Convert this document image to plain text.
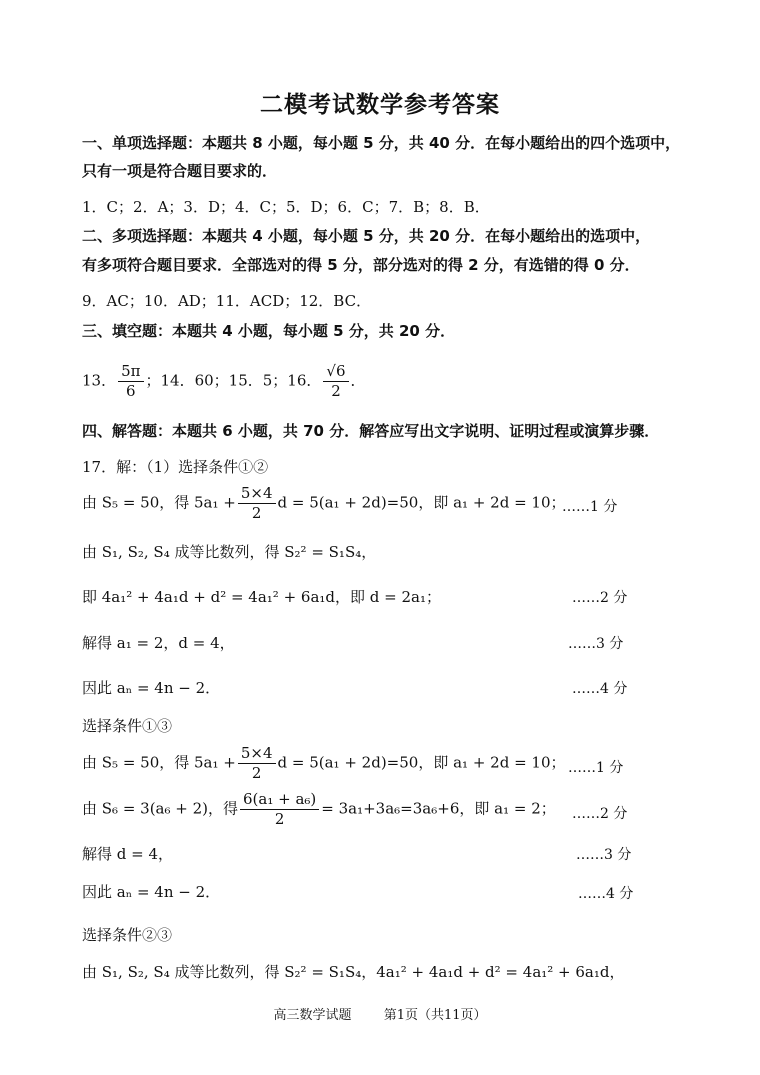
二模考试数学参考答案
一、单项选择题：本题共 8 小题，每小题 5 分，共 40 分．在每小题给出的四个选项中，
只有一项是符合题目要求的．
1．C；2．A；3．D；4．C；5．D；6．C；7．B；8．B．
二、多项选择题：本题共 4 小题，每小题 5 分，共 20 分．在每小题给出的选项中，
有多项符合题目要求．全部选对的得 5 分，部分选对的得 2 分，有选错的得 0 分．
9．AC；10．AD；11．ACD；12．BC．
三、填空题：本题共 4 小题，每小题 5 分，共 20 分．
13． $\frac{5\pi}{6}$ ；14．60；15．5；16． $\frac{√6}{2}$ ．
四、解答题：本题共 6 小题，共 70 分．解答应写出文字说明、证明过程或演算步骤．
17．解：（1）选择条件①②
由 S₅ = 50，得 $5a_1 + \frac{5\times 4}{2}$ d = 5(a₁ + 2d)=50，即 a₁ + 2d = 10；
……1 分
由 S₁, S₂, S₄ 成等比数列，得 S₂² = S₁S₄，
即 4a₁² + 4a₁d + d² = 4a₁² + 6a₁d，即 d = 2a₁；	……2 分
解得 a₁ = 2，d = 4，	……3 分
因此 aₙ = 4n − 2．	……4 分
选择条件①③
由 S₅ = 50，得 $5a_1 + \frac{5\times 4}{2}$ d = 5(a₁ + 2d)=50，即 a₁ + 2d = 10； ……1 分
由 S₆ = 3(a₆ + 2)，得 $\frac{\text{6(a₁ + a₆)}}{2} = 3a_1+3a_6=3a_6+6$，即 a₁ = 2； ……2 分
解得 d = 4，	……3 分
因此 aₙ = 4n − 2．	……4 分
选择条件②③
由 S₁, S₂, S₄ 成等比数列，得 S₂² = S₁S₄，4a₁² + 4a₁d + d² = 4a₁² + 6a₁d，
高三数学试题 第1页（共11页）
